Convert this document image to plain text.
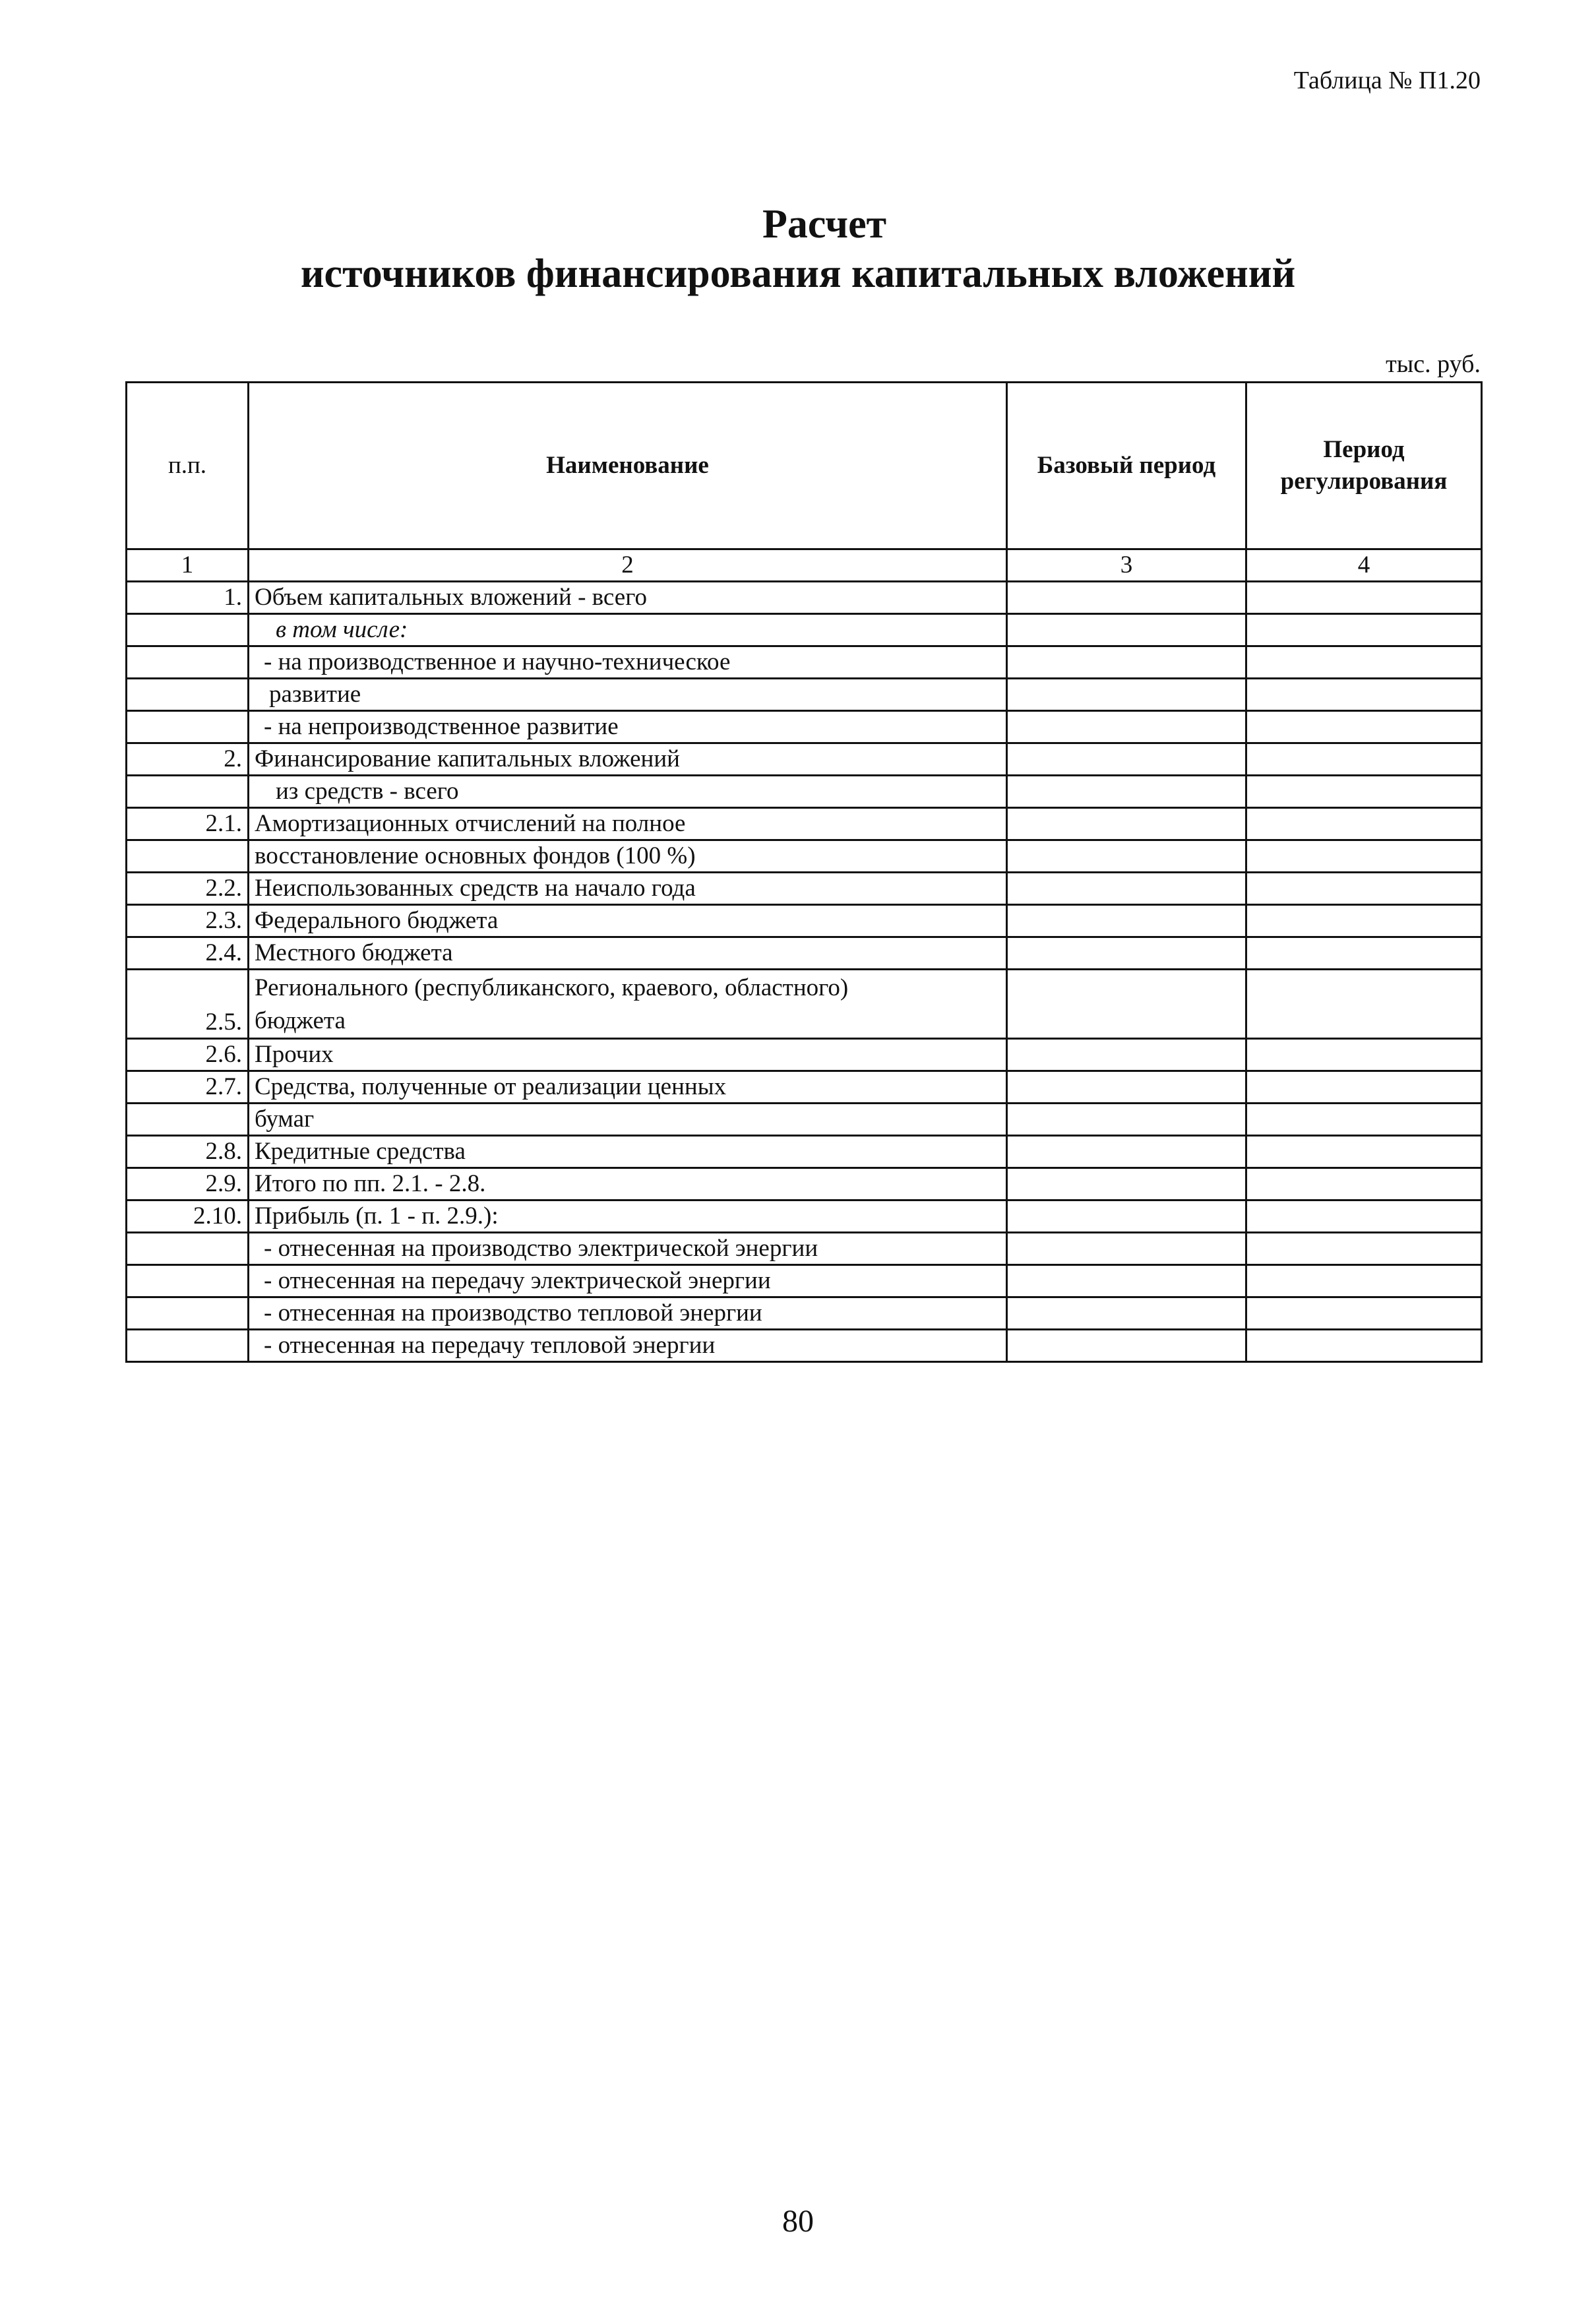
Таблица № П1.20
Расчет
источников финансирования капитальных вложений
тыс. руб.
п.п.	Наименование	Базовый период	Период регулирования
1	2	3	4
1.	Объем капитальных вложений - всего		
	в том числе:		
	- на производственное и научно-техническое		
	развитие		
	- на непроизводственное развитие		
2.	Финансирование капитальных вложений		
	из средств - всего		
2.1.	Амортизационных отчислений на полное		
	восстановление основных фондов (100 %)		
2.2.	Неиспользованных средств на начало года		
2.3.	Федерального бюджета		
2.4.	Местного бюджета		
2.5.	Регионального (республиканского, краевого, областного)
бюджета		
2.6.	Прочих		
2.7.	Средства, полученные от реализации ценных		
	бумаг		
2.8.	Кредитные средства		
2.9.	Итого по пп. 2.1. - 2.8.		
2.10.	Прибыль (п. 1 - п. 2.9.):		
	- отнесенная на производство электрической энергии		
	- отнесенная на передачу электрической энергии		
	- отнесенная на производство тепловой энергии		
	- отнесенная на передачу тепловой энергии		
80
